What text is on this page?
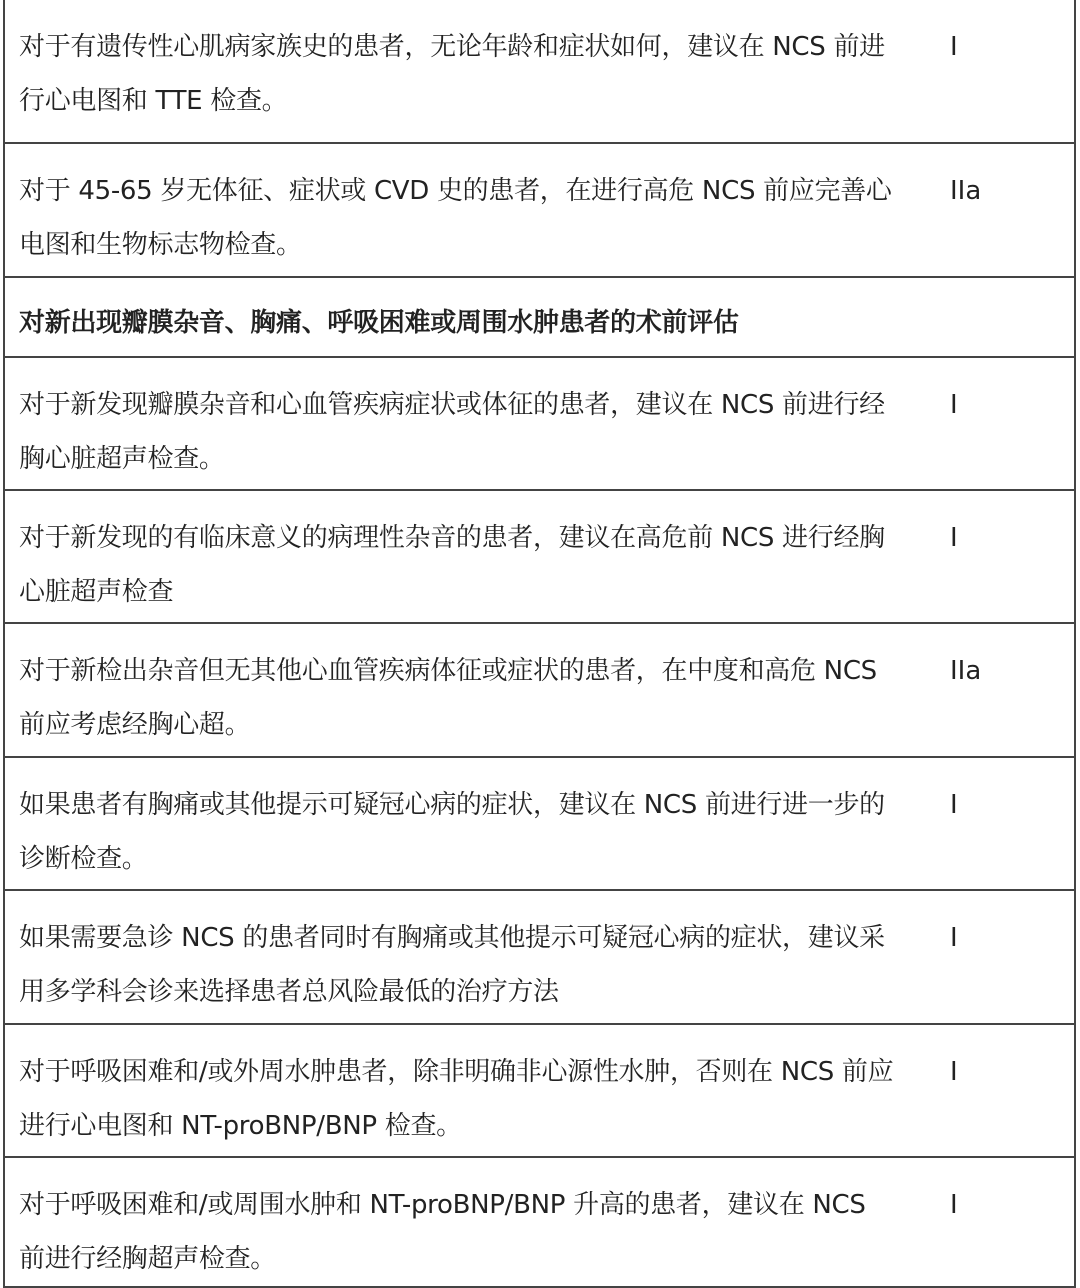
对于有遗传性心肌病家族史的患者，无论年龄和症状如何，建议在 NCS 前进
行心电图和 TTE 检查。
I
对于 45-65 岁无体征、症状或 CVD 史的患者，在进行高危 NCS 前应完善心
电图和生物标志物检查。
IIa
对新出现瓣膜杂音、胸痛、呼吸困难或周围水肿患者的术前评估
对于新发现瓣膜杂音和心血管疾病症状或体征的患者，建议在 NCS 前进行经
胸心脏超声检查。
I
对于新发现的有临床意义的病理性杂音的患者，建议在高危前 NCS 进行经胸
心脏超声检查
I
对于新检出杂音但无其他心血管疾病体征或症状的患者，在中度和高危 NCS
前应考虑经胸心超。
IIa
如果患者有胸痛或其他提示可疑冠心病的症状，建议在 NCS 前进行进一步的
诊断检查。
I
如果需要急诊 NCS 的患者同时有胸痛或其他提示可疑冠心病的症状，建议采
用多学科会诊来选择患者总风险最低的治疗方法
I
对于呼吸困难和/或外周水肿患者，除非明确非心源性水肿，否则在 NCS 前应
进行心电图和 NT-proBNP/BNP 检查。
I
对于呼吸困难和/或周围水肿和 NT-proBNP/BNP 升高的患者，建议在 NCS
前进行经胸超声检查。
I
